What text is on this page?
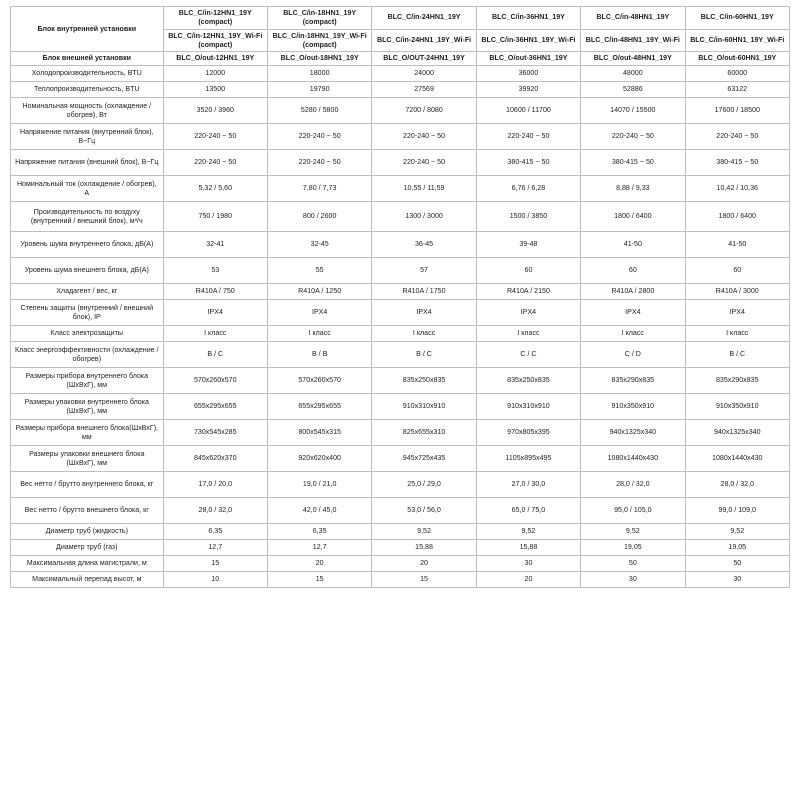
Блок внутренней установки	BLC_C/in-12HN1_19Y (compact)	BLC_C/in-18HN1_19Y (compact)	BLC_C/in-24HN1_19Y	BLC_C/in-36HN1_19Y	BLC_C/in-48HN1_19Y	BLC_C/in-60HN1_19Y
	BLC_C/in-12HN1_19Y_Wi-Fi (compact)	BLC_C/in-18HN1_19Y_Wi-Fi (compact)	BLC_C/in-24HN1_19Y_Wi-Fi	BLC_C/in-36HN1_19Y_Wi-Fi	BLC_C/in-48HN1_19Y_Wi-Fi	BLC_C/in-60HN1_19Y_Wi-Fi
Блок внешней установки	BLC_O/out-12HN1_19Y	BLC_O/out-18HN1_19Y	BLC_O/OUT-24HN1_19Y	BLC_O/out-36HN1_19Y	BLC_O/out-48HN1_19Y	BLC_O/out-60HN1_19Y
Холодопроизводительность, BTU	12000	18000	24000	36000	48000	60000
Теплопроизводительность, BTU	13500	19790	27569	39920	52886	63122
Номинальная мощность (охлаждение / обогрев), Вт	3520 / 3960	5280 / 5800	7200 / 8080	10600 / 11700	14070 / 15500	17600 / 18500
Напряжение питания (внутренний блок), В~Гц	220-240 ~ 50	220-240 ~ 50	220-240 ~ 50	220-240 ~ 50	220-240 ~ 50	220-240 ~ 50
Напряжение питания (внешний блок), В~Гц	220-240 ~ 50	220-240 ~ 50	220-240 ~ 50	380-415 ~ 50	380-415 ~ 50	380-415 ~ 50
Номинальный ток (охлаждение / обогрев), А	5,32 / 5,60	7,80 / 7,73	10,55 / 11,59	6,76 / 6,28	8,88 / 9,33	10,42 / 10,36
Производительность по воздуху (внутренний / внешний блок), м³/ч	750 / 1980	800 / 2600	1300 / 3000	1500 / 3850	1800 / 6400	1800 / 6400
Уровень шума внутреннего блока, дБ(А)	32-41	32-45	36-45	39-48	41-50	41-50
Уровень шума внешнего блока, дБ(А)	53	55	57	60	60	60
Хладагент / вес, кг	R410A / 750	R410A / 1250	R410A / 1750	R410A / 2150	R410A / 2800	R410A / 3000
Степень защиты (внутренний / внешний блок), IP	IPX4	IPX4	IPX4	IPX4	IPX4	IPX4
Класс электрозащиты	I класс	I класс	I класс	I класс	I класс	I класс
Класс энергоэффективности (охлаждение / обогрев)	B / C	B / B	B / C	C / C	C / D	B / C
Размеры прибора внутреннего блока (ШхВхГ), мм	570х260х570	570х260х570	835х250х835	835х250х835	835х290х835	835х290х835
Размеры упаковки внутреннего блока (ШхВхГ), мм	655х295х655	655х295х655	910х310х910	910х310х910	910х350х910	910х350х910
Размеры прибора внешнего блока(ШхВхГ), мм	730х545х285	800х545х315	825х655х310	970х805х395	940х1325х340	940х1325х340
Размеры упаковки внешнего блока (ШхВхГ), мм	845х620х370	920х620х400	945х725х435	1105х895х495	1080х1440х430	1080х1440х430
Вес нетто / брутто внутреннего блока, кг	17,0 / 20,0	19,0 / 21,0	25,0 / 29,0	27,0 / 30,0	28,0 / 32,0	28,0 / 32,0
Вес нетто / брутто внешнего блока, кг	28,0 / 32,0	42,0 / 45,0	53,0 / 56,0	65,0 / 75,0	95,0 / 105,0	99,0 / 109,0
Диаметр труб (жидкость)	6,35	6,35	9,52	9,52	9,52	9,52
Диаметр труб (газ)	12,7	12,7	15,88	15,88	19,05	19,05
Максимальная длина магистрали, м	15	20	20	30	50	50
Максимальный перепад высот, м	10	15	15	20	30	30
